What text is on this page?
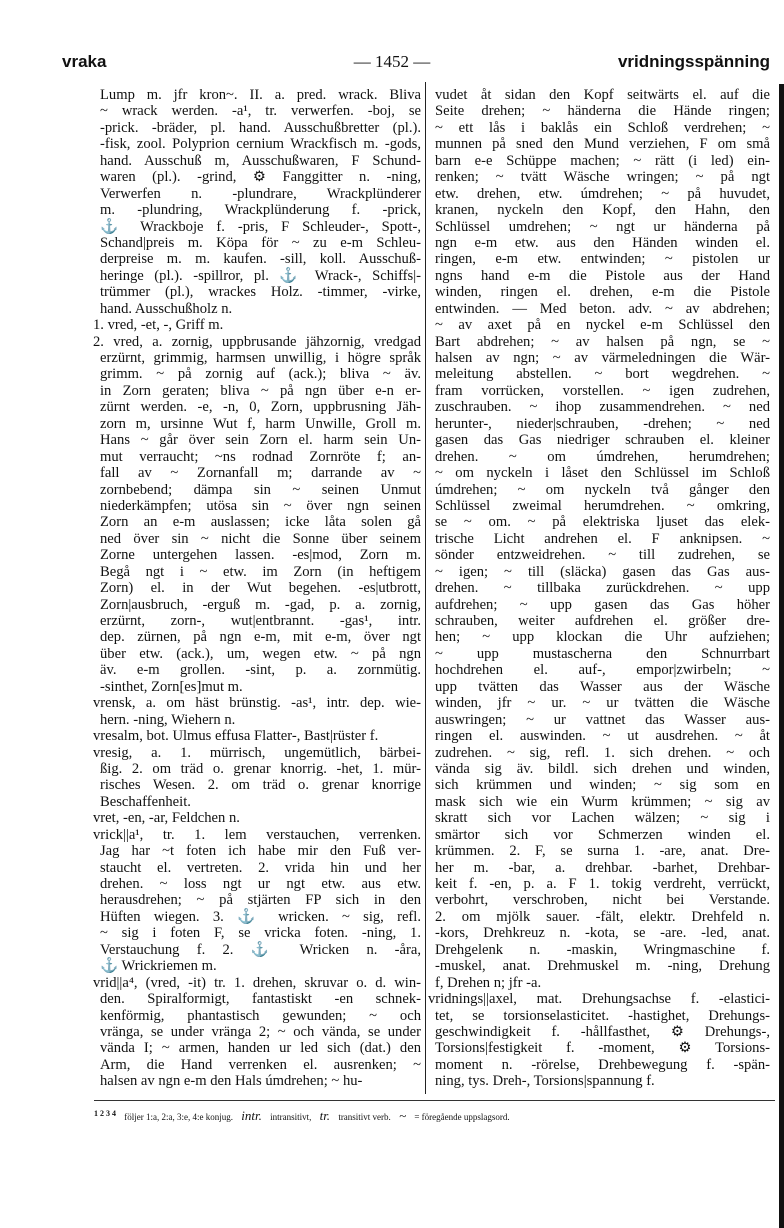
vraka	— 1452 —	vridningsspänning
Lump m. jfr kron~. II. a. pred. wrack. Bliva
~ wrack werden. -a¹, tr. verwerfen. -boj, se
-prick. -bräder, pl. hand. Ausschußbretter (pl.).
-fisk, zool. Polyprion cernium Wrackfisch m. -gods,
hand. Ausschuß m, Ausschußwaren, F Schund-
waren (pl.). -grind, ⚙ Fanggitter n. -ning,
Verwerfen n. -plundrare, Wrackplünderer
m. -plundring, Wrackplünderung f. -prick,
⚓ Wrackboje f. -pris, F Schleuder-, Spott-,
Schand|preis m. Köpa för ~ zu e-m Schleu-
derpreise m. m. kaufen. -sill, koll. Ausschuß-
heringe (pl.). -spillror, pl. ⚓ Wrack-, Schiffs|-
trümmer (pl.), wrackes Holz. -timmer, -virke,
hand. Ausschußholz n.
1. vred, -et, -, Griff m.
2. vred, a. zornig, uppbrusande jähzornig, vredgad
erzürnt, grimmig, harmsen unwillig, i högre språk
grimm. ~ på zornig auf (ack.); bliva ~ äv.
in Zorn geraten; bliva ~ på ngn über e-n er-
zürnt werden. -e, -n, 0, Zorn, uppbrusning Jäh-
zorn m, ursinne Wut f, harm Unwille, Groll m.
Hans ~ går över sein Zorn el. harm sein Un-
mut verraucht; ~ns rodnad Zornröte f; an-
fall av ~ Zornanfall m; darrande av ~
zornbebend; dämpa sin ~ seinen Unmut
niederkämpfen; utösa sin ~ över ngn seinen
Zorn an e-m auslassen; icke låta solen gå
ned över sin ~ nicht die Sonne über seinem
Zorne untergehen lassen. -es|mod, Zorn m.
Begå ngt i ~ etw. im Zorn (in heftigem
Zorn) el. in der Wut begehen. -es|utbrott,
Zorn|ausbruch, -erguß m. -gad, p. a. zornig,
erzürnt, zorn-, wut|entbrannt. -gas¹, intr.
dep. zürnen, på ngn e-m, mit e-m, över ngt
über etw. (ack.), um, wegen etw. ~ på ngn
äv. e-m grollen. -sint, p. a. zornmütig.
-sinthet, Zorn[es]mut m.
vrensk, a. om häst brünstig. -as¹, intr. dep. wie-
hern. -ning, Wiehern n.
vresalm, bot. Ulmus effusa Flatter-, Bast|rüster f.
vresig, a. 1. mürrisch, ungemütlich, bärbei-
ßig. 2. om träd o. grenar knorrig. -het, 1. mür-
risches Wesen. 2. om träd o. grenar knorrige
Beschaffenheit.
vret, -en, -ar, Feldchen n.
vrick||a¹, tr. 1. lem verstauchen, verrenken.
Jag har ~t foten ich habe mir den Fuß ver-
staucht el. vertreten. 2. vrida hin und her
drehen. ~ loss ngt ur ngt etw. aus etw.
herausdrehen; ~ på stjärten FP sich in den
Hüften wiegen. 3. ⚓ wricken. ~ sig, refl.
~ sig i foten F, se vricka foten. -ning, 1.
Verstauchung f. 2. ⚓ Wricken n. -åra,
⚓ Wrickriemen m.
vrid||a⁴, (vred, -it) tr. 1. drehen, skruvar o. d. win-
den. Spiralformigt, fantastiskt -en schnek-
kenförmig, phantastisch gewunden; ~ och
vränga, se under vränga 2; ~ och vända, se under
vända I; ~ armen, handen ur led sich (dat.) den
Arm, die Hand verrenken el. ausrenken; ~
halsen av ngn e-m den Hals úmdrehen; ~ hu-
vudet åt sidan den Kopf seitwärts el. auf die
Seite drehen; ~ händerna die Hände ringen;
~ ett lås i baklås ein Schloß verdrehen; ~
munnen på sned den Mund verziehen, F om små
barn e-e Schüppe machen; ~ rätt (i led) ein-
renken; ~ tvätt Wäsche wringen; ~ på ngt
etw. drehen, etw. úmdrehen; ~ på huvudet,
kranen, nyckeln den Kopf, den Hahn, den
Schlüssel umdrehen; ~ ngt ur händerna på
ngn e-m etw. aus den Händen winden el.
ringen, e-m etw. entwinden; ~ pistolen ur
ngns hand e-m die Pistole aus der Hand
winden, ringen el. drehen, e-m die Pistole
entwinden. — Med beton. adv. ~ av abdrehen;
~ av axet på en nyckel e-m Schlüssel den
Bart abdrehen; ~ av halsen på ngn, se ~
halsen av ngn; ~ av värmeledningen die Wär-
meleitung abstellen. ~ bort wegdrehen. ~
fram vorrücken, vorstellen. ~ igen zudrehen,
zuschrauben. ~ ihop zusammendrehen. ~ ned
herunter-, nieder|schrauben, -drehen; ~ ned
gasen das Gas niedriger schrauben el. kleiner
drehen. ~ om úmdrehen, herumdrehen;
~ om nyckeln i låset den Schlüssel im Schloß
úmdrehen; ~ om nyckeln två gånger den
Schlüssel zweimal herumdrehen. ~ omkring,
se ~ om. ~ på elektriska ljuset das elek-
trische Licht andrehen el. F anknipsen. ~
sönder entzweidrehen. ~ till zudrehen, se
~ igen; ~ till (släcka) gasen das Gas aus-
drehen. ~ tillbaka zurückdrehen. ~ upp
aufdrehen; ~ upp gasen das Gas höher
schrauben, weiter aufdrehen el. größer dre-
hen; ~ upp klockan die Uhr aufziehen;
~ upp mustascherna den Schnurrbart
hochdrehen el. auf-, empor|zwirbeln; ~
upp tvätten das Wasser aus der Wäsche
winden, jfr ~ ur. ~ ur tvätten die Wäsche
auswringen; ~ ur vattnet das Wasser aus-
ringen el. auswinden. ~ ut ausdrehen. ~ åt
zudrehen. ~ sig, refl. 1. sich drehen. ~ och
vända sig äv. bildl. sich drehen und winden,
sich krümmen und winden; ~ sig som en
mask sich wie ein Wurm krümmen; ~ sig av
skratt sich vor Lachen wälzen; ~ sig i
smärtor sich vor Schmerzen winden el.
krümmen. 2. F, se surna 1. -are, anat. Dre-
her m. -bar, a. drehbar. -barhet, Drehbar-
keit f. -en, p. a. F 1. tokig verdreht, verrückt,
verbohrt, verschroben, nicht bei Verstande.
2. om mjölk sauer. -fält, elektr. Drehfeld n.
-kors, Drehkreuz n. -kota, se -are. -led, anat.
Drehgelenk n. -maskin, Wringmaschine f.
-muskel, anat. Drehmuskel m. -ning, Drehung
f, Drehen n; jfr -a.
vridnings||axel, mat. Drehungsachse f. -elastici-
tet, se torsionselasticitet. -hastighet, Drehungs-
geschwindigkeit f. -hållfasthet, ⚙ Drehungs-,
Torsions|festigkeit f. -moment, ⚙ Torsions-
moment n. -rörelse, Drehbewegung f. -spän-
ning, tys. Dreh-, Torsions|spannung f.
1 2 3 4 följer 1:a, 2:a, 3:e, 4:e konjug. intr. intransitivt, tr. transitivt verb. ~ = föregående uppslagsord.
